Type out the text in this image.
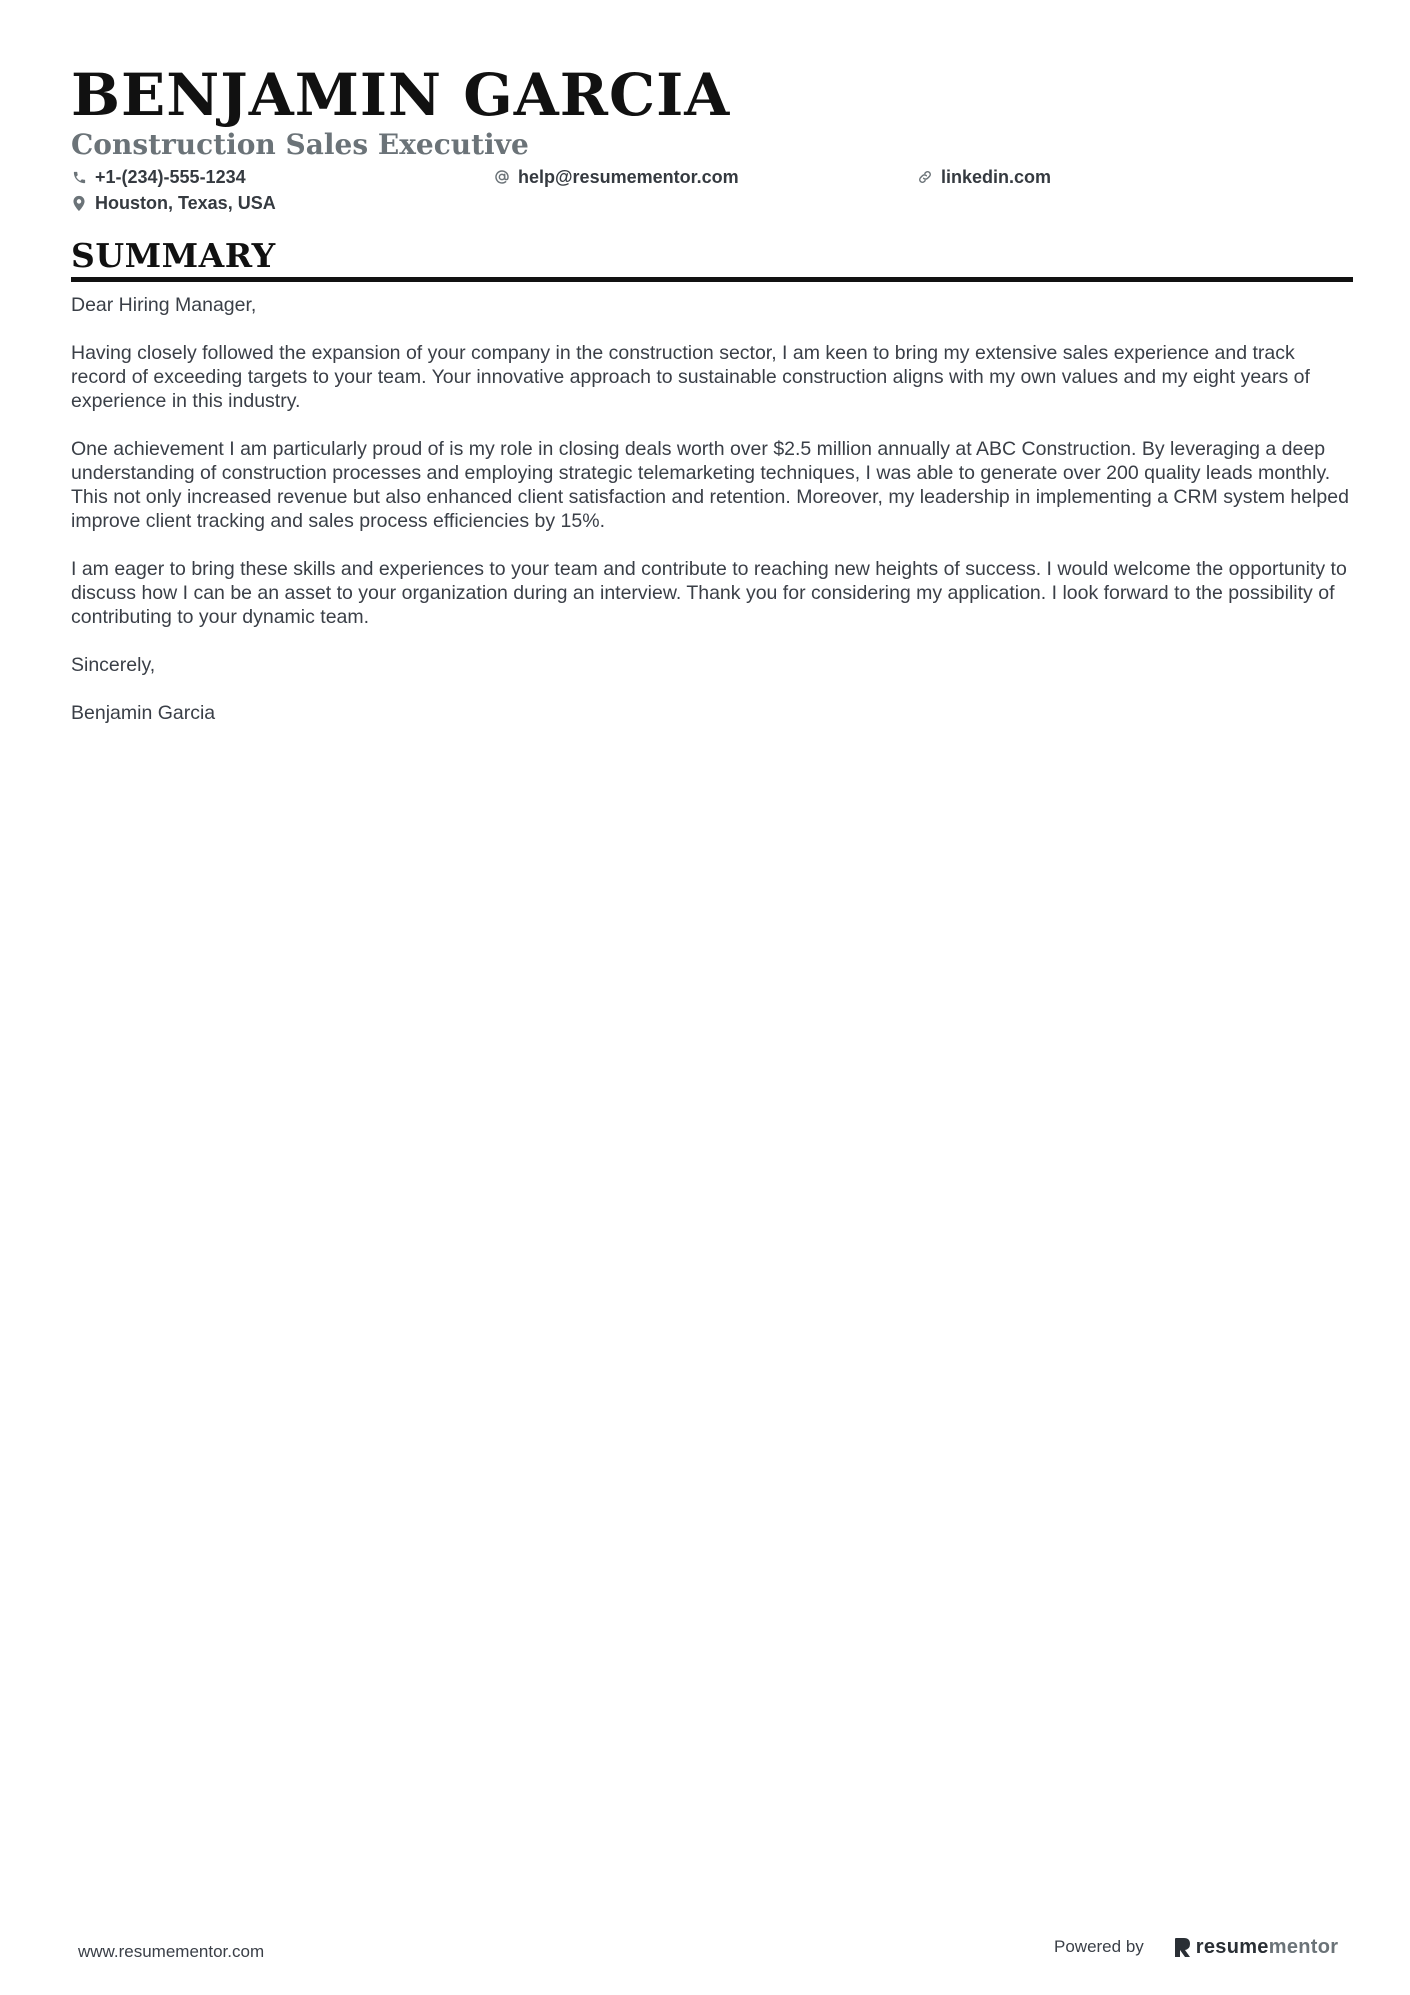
BENJAMIN GARCIA
Construction Sales Executive
+1-(234)-555-1234	help@resumementor.com	linkedin.com
Houston, Texas, USA
SUMMARY

Dear Hiring Manager,

Having closely followed the expansion of your company in the construction sector, I am keen to bring my extensive sales experience and track record of exceeding targets to your team. Your innovative approach to sustainable construction aligns with my own values and my eight years of experience in this industry.

One achievement I am particularly proud of is my role in closing deals worth over $2.5 million annually at ABC Construction. By leveraging a deep understanding of construction processes and employing strategic telemarketing techniques, I was able to generate over 200 quality leads monthly. This not only increased revenue but also enhanced client satisfaction and retention. Moreover, my leadership in implementing a CRM system helped improve client tracking and sales process efficiencies by 15%.

I am eager to bring these skills and experiences to your team and contribute to reaching new heights of success. I would welcome the opportunity to discuss how I can be an asset to your organization during an interview. Thank you for considering my application. I look forward to the possibility of contributing to your dynamic team.

Sincerely,

Benjamin Garcia

www.resumementor.com	Powered by	resume mentor
